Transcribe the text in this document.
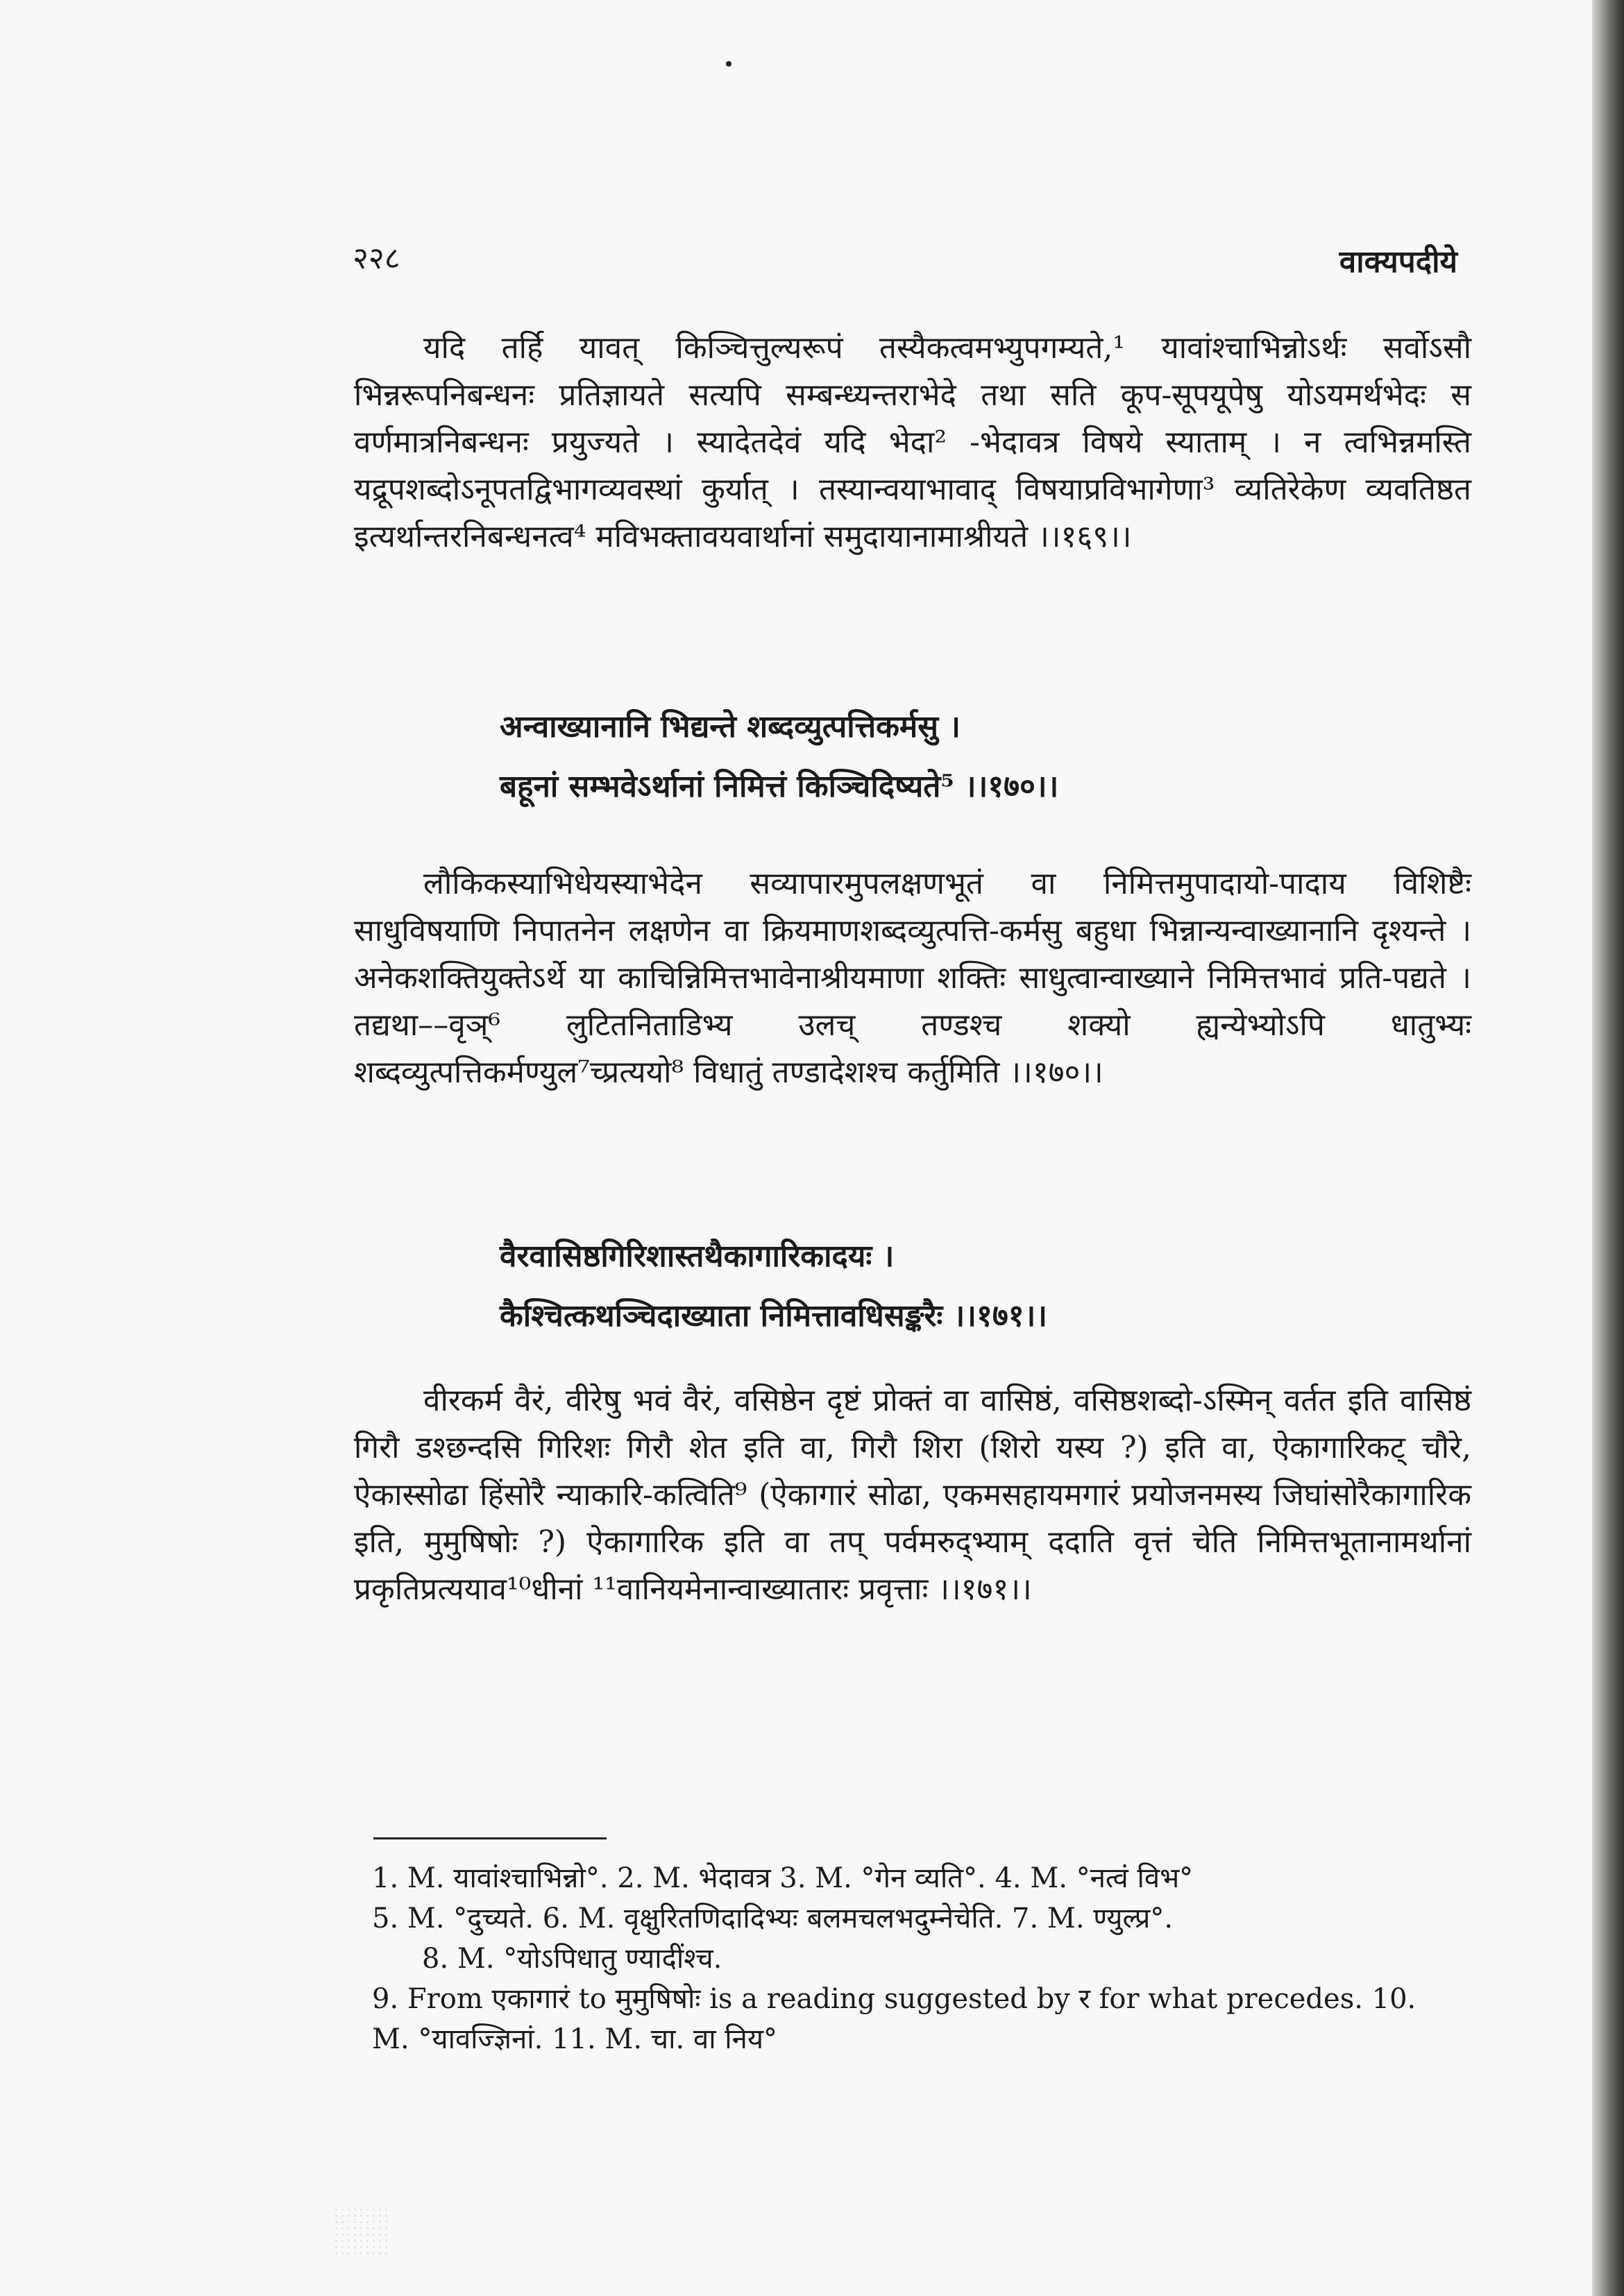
२२८	वाक्यपदीये

यदि तर्हि यावत् किञ्चित्तुल्यरूपं तस्यैकत्वमभ्युपगम्यते,¹ यावांश्चाभिन्नोऽर्थः सर्वोऽसौ भिन्नरूपनिबन्धनः प्रतिज्ञायते सत्यपि सम्बन्ध्यन्तराभेदे तथा सति कूप-सूपयूपेषु योऽयमर्थभेदः स वर्णमात्रनिबन्धनः प्रयुज्यते । स्यादेतदेवं यदि भेदा² -भेदावत्र विषये स्याताम् । न त्वभिन्नमस्ति यद्रूपशब्दोऽनूपतद्विभागव्यवस्थां कुर्यात् । तस्यान्वयाभावाद् विषयाप्रविभागेणा³ व्यतिरेकेण व्यवतिष्ठत इत्यर्थान्तरनिबन्धनत्व⁴ मविभक्तावयवार्थानां समुदायानामाश्रीयते ।।१६९।।

अन्वाख्यानानि भिद्यन्ते शब्दव्युत्पत्तिकर्मसु ।
बहूनां सम्भवेऽर्थानां निमित्तं किञ्चिदिष्यते⁵ ।।१७०।।

लौकिकस्याभिधेयस्याभेदेन सव्यापारमुपलक्षणभूतं वा निमित्तमुपादायो-पादाय विशिष्टैः साधुविषयाणि निपातनेन लक्षणेन वा क्रियमाणशब्दव्युत्पत्ति-कर्मसु बहुधा भिन्नान्यन्वाख्यानानि दृश्यन्ते । अनेकशक्तियुक्तेऽर्थे या काचिन्निमित्तभावेनाश्रीयमाणा शक्तिः साधुत्वान्वाख्याने निमित्तभावं प्रति-पद्यते । तद्यथा––वृञ्⁶ लुटितनिताडिभ्य उलच् तण्डश्च शक्यो ह्यन्येभ्योऽपि धातुभ्यः शब्दव्युत्पत्तिकर्मण्युल⁷च्प्रत्ययो⁸ विधातुं तण्डादेशश्च कर्तुमिति ।।१७०।।

वैरवासिष्ठगिरिशास्तथैकागारिकादयः ।
कैश्चित्कथञ्चिदाख्याता निमित्तावधिसङ्करैः ।।१७१।।

वीरकर्म वैरं, वीरेषु भवं वैरं, वसिष्ठेन दृष्टं प्रोक्तं वा वासिष्ठं, वसिष्ठशब्दो-ऽस्मिन् वर्तत इति वासिष्ठं गिरौ डश्छन्दसि गिरिशः गिरौ शेत इति वा, गिरौ शिरा (शिरो यस्य ?) इति वा, ऐकागारिकट् चौरे, ऐकास्सोढा हिंसोरै न्याकारि-कत्विति⁹ (ऐकागारं सोढा, एकमसहायमगारं प्रयोजनमस्य जिघांसोरैकागारिक इति, मुमुषिषोः ?) ऐकागारिक इति वा तप् पर्वमरुद्भ्याम् ददाति वृत्तं चेति निमित्तभूतानामर्थानां प्रकृतिप्रत्ययाव¹⁰धीनां ¹¹वानियमेनान्वाख्यातारः प्रवृत्ताः ।।१७१।।

1. M. यावांश्चाभिन्नो°. 2. M. भेदावत्र 3. M. °गेन व्यति°. 4. M. °नत्वं विभ°
5. M. °दुच्यते. 6. M. वृक्षुरितणिदादिभ्यः बलमचलभदुम्नेचेति. 7. M. ण्युल्प्र°.
8. M. °योऽपिधातु ण्यादींश्च.
9. From एकागारं to मुमुषिषोः is a reading suggested by र for what precedes. 10. M. °यावज्ज्ञिनां. 11. M. चा. वा निय°
